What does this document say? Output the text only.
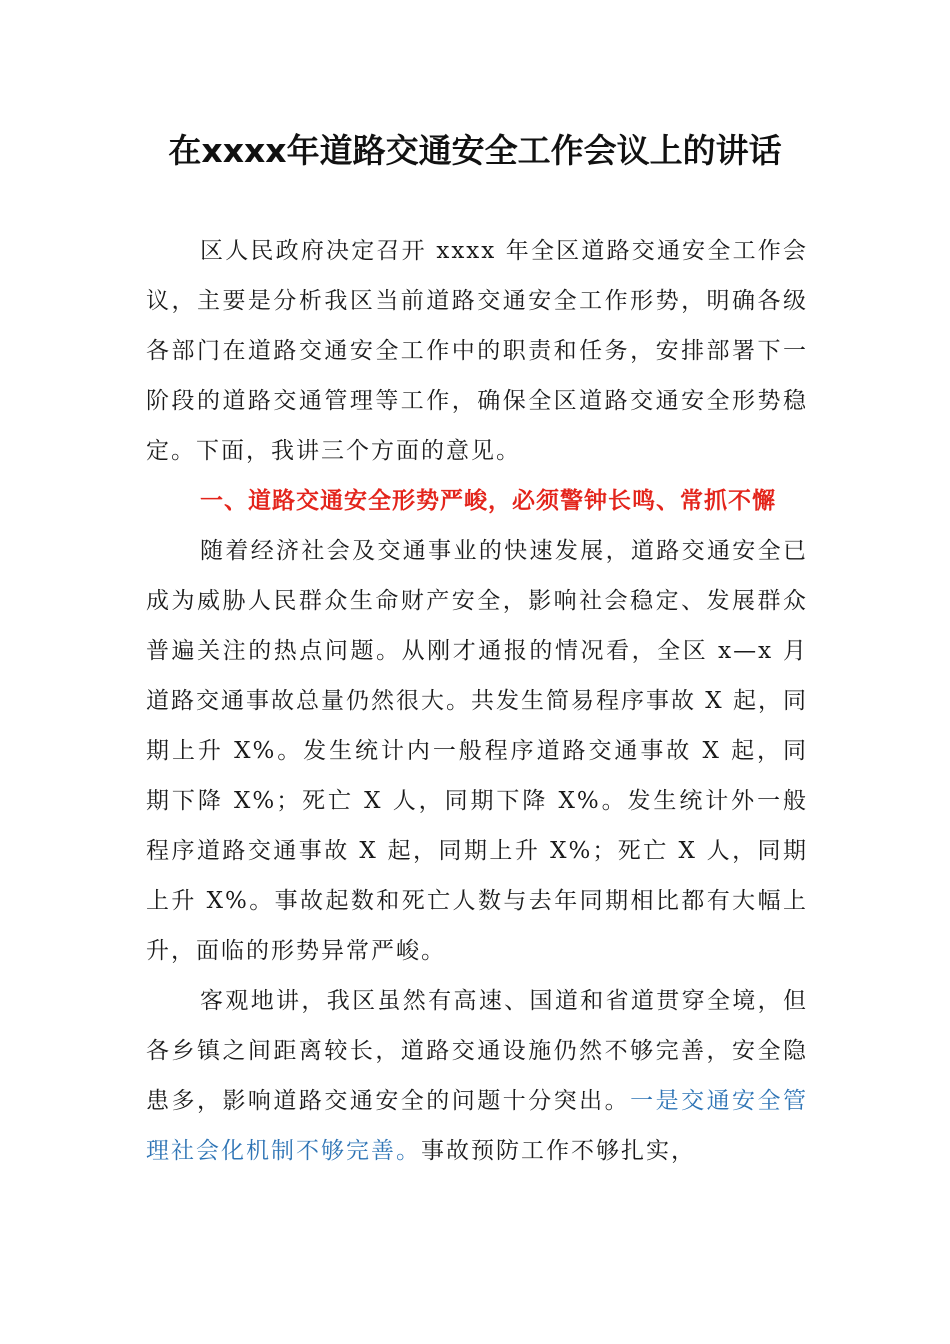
在xxxx年道路交通安全工作会议上的讲话

区人民政府决定召开 xxxx 年全区道路交通安全工作会议，主要是分析我区当前道路交通安全工作形势，明确各级各部门在道路交通安全工作中的职责和任务，安排部署下一阶段的道路交通管理等工作，确保全区道路交通安全形势稳定。下面，我讲三个方面的意见。

一、道路交通安全形势严峻，必须警钟长鸣、常抓不懈

随着经济社会及交通事业的快速发展，道路交通安全已成为威胁人民群众生命财产安全，影响社会稳定、发展群众普遍关注的热点问题。从刚才通报的情况看，全区 x—x 月道路交通事故总量仍然很大。共发生简易程序事故 X 起，同期上升 X%。发生统计内一般程序道路交通事故 X 起，同期下降 X%；死亡 X 人，同期下降 X%。发生统计外一般程序道路交通事故 X 起，同期上升 X%；死亡 X 人，同期上升 X%。事故起数和死亡人数与去年同期相比都有大幅上升，面临的形势异常严峻。

客观地讲，我区虽然有高速、国道和省道贯穿全境，但各乡镇之间距离较长，道路交通设施仍然不够完善，安全隐患多，影响道路交通安全的问题十分突出。一是交通安全管理社会化机制不够完善。事故预防工作不够扎实，
